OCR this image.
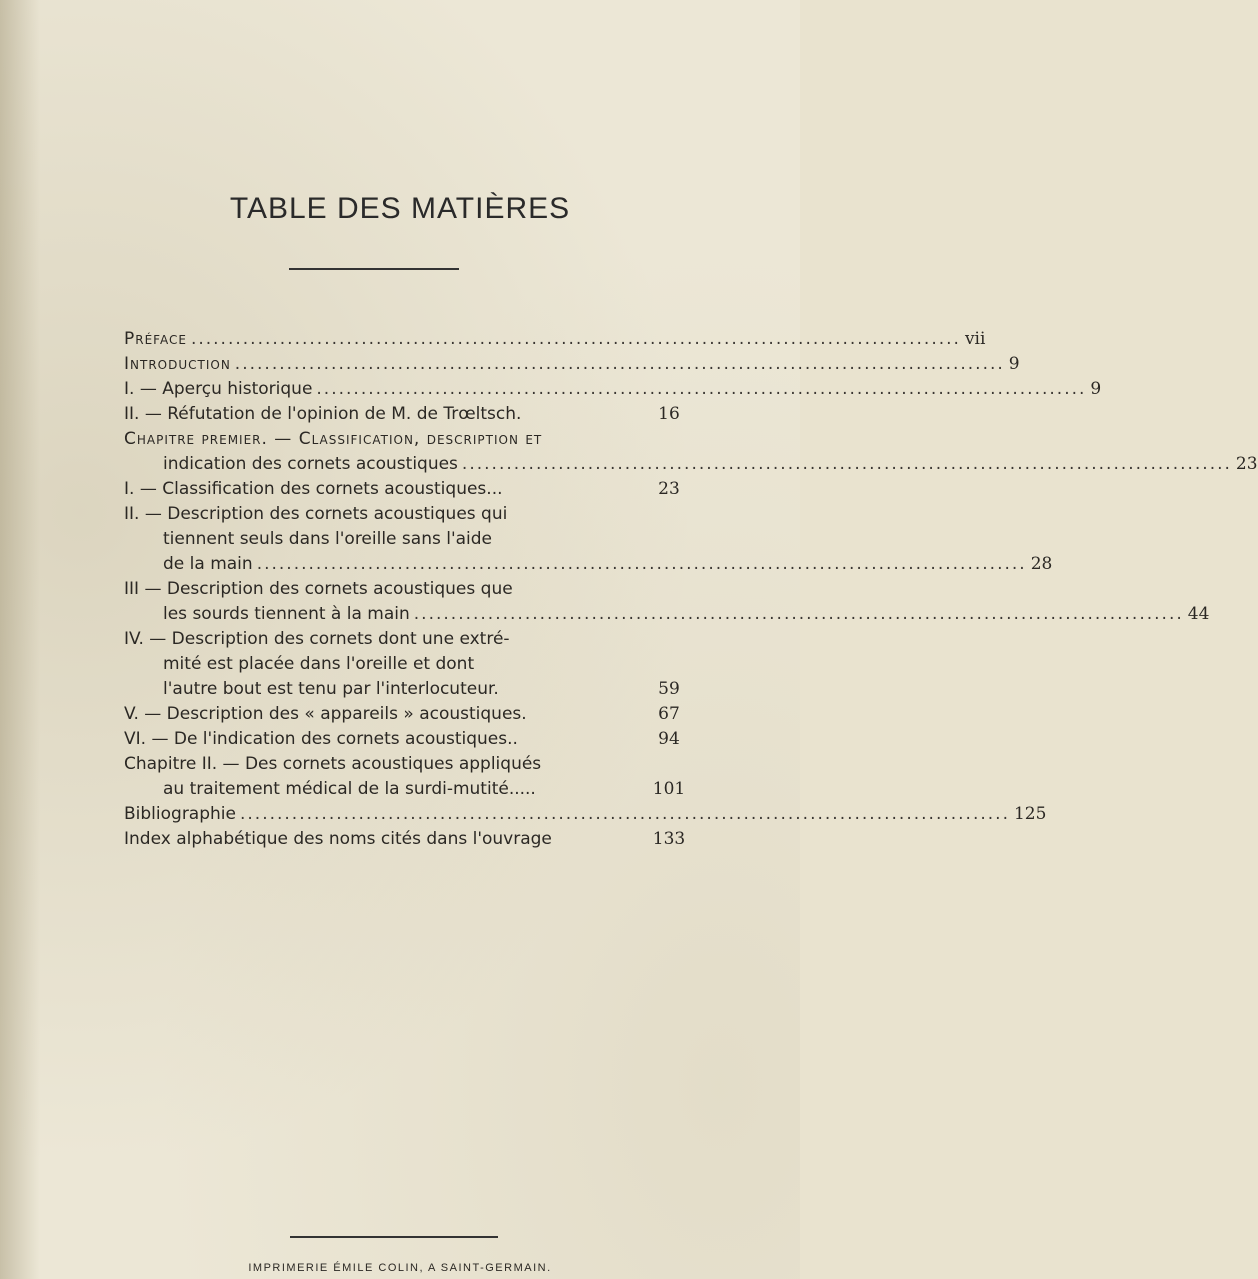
TABLE DES MATIÈRES
Préface ........................................................................................................ vii
Introduction ........................................................................................................ 9
I. — Aperçu historique ........................................................................................................ 9
II. — Réfutation de l'opinion de M. de Trœltsch.	16
Chapitre premier. — Classification, description et
indication des cornets acoustiques ........................................................................................................ 23
I. — Classification des cornets acoustiques...	23
II. — Description des cornets acoustiques qui
tiennent seuls dans l'oreille sans l'aide
de la main ........................................................................................................ 28
III — Description des cornets acoustiques que
les sourds tiennent à la main ........................................................................................................ 44
IV. — Description des cornets dont une extré-
mité est placée dans l'oreille et dont
l'autre bout est tenu par l'interlocuteur.	59
V. — Description des « appareils » acoustiques.	67
VI. — De l'indication des cornets acoustiques..	94
Chapitre II. — Des cornets acoustiques appliqués
au traitement médical de la surdi-mutité.....	101
Bibliographie ........................................................................................................ 125
Index alphabétique des noms cités dans l'ouvrage	133
IMPRIMERIE ÉMILE COLIN, A SAINT-GERMAIN.
